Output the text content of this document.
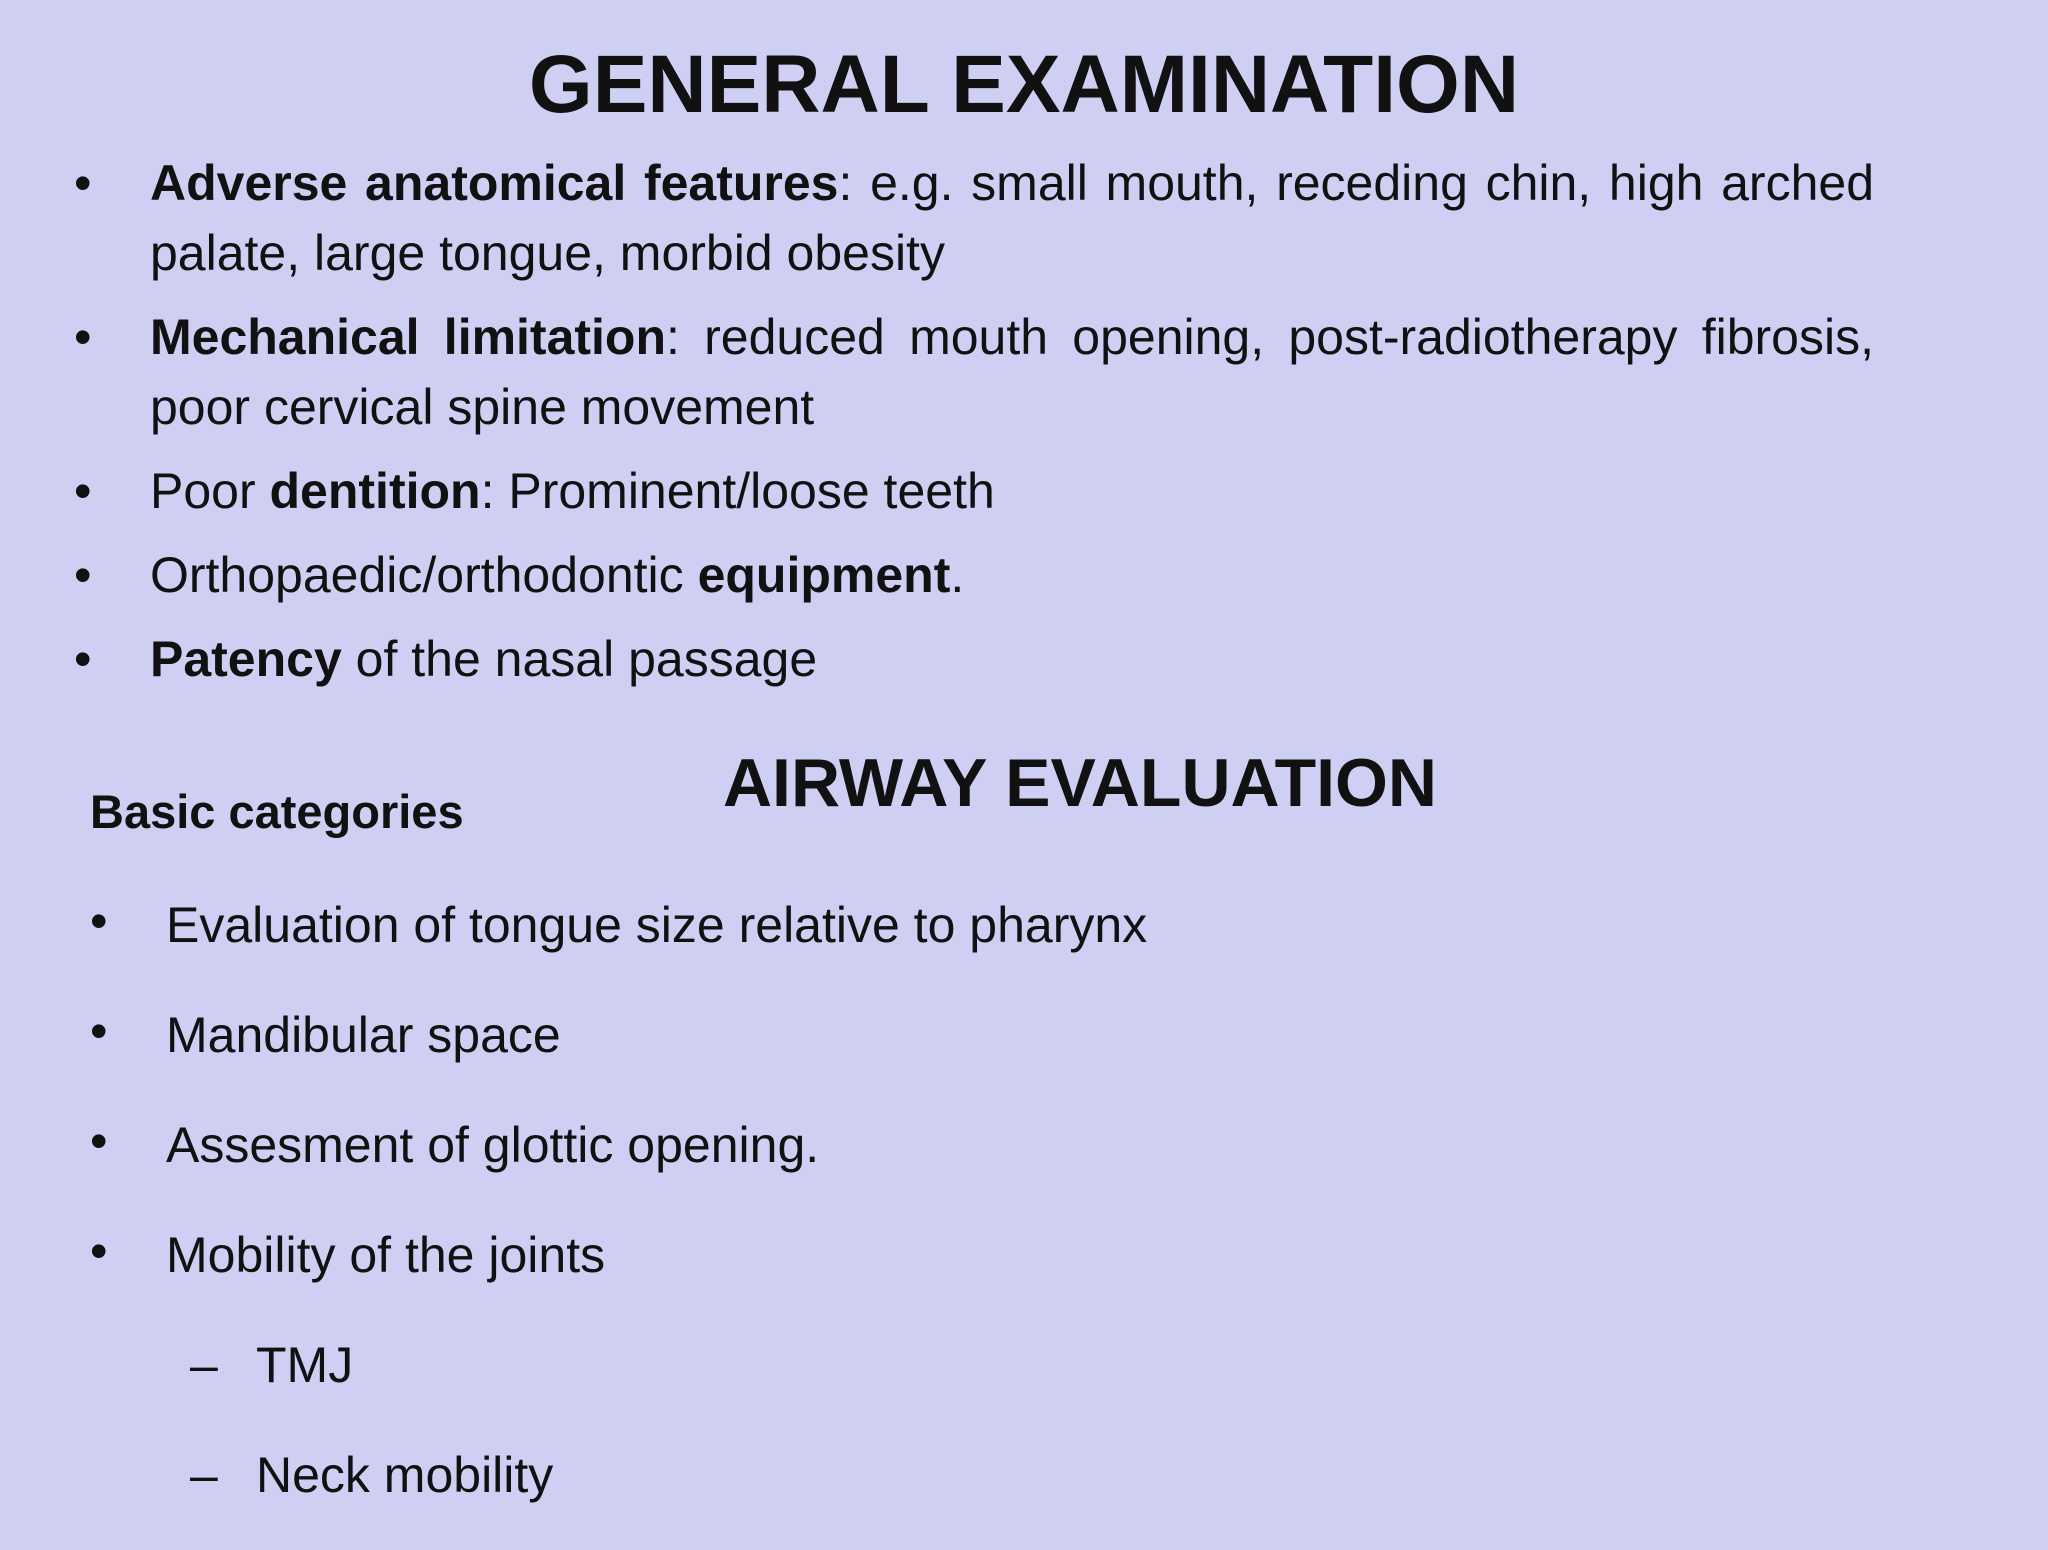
GENERAL EXAMINATION
• Adverse anatomical features: e.g. small mouth, receding chin, high arched palate, large tongue, morbid obesity
• Mechanical limitation: reduced mouth opening, post-radiotherapy fibrosis, poor cervical spine movement
• Poor dentition: Prominent/loose teeth
• Orthopaedic/orthodontic equipment.
• Patency of the nasal passage
AIRWAY EVALUATION
Basic categories
• Evaluation of tongue size relative to pharynx
• Mandibular space
• Assesment of glottic opening.
• Mobility of the joints
– TMJ
– Neck mobility
